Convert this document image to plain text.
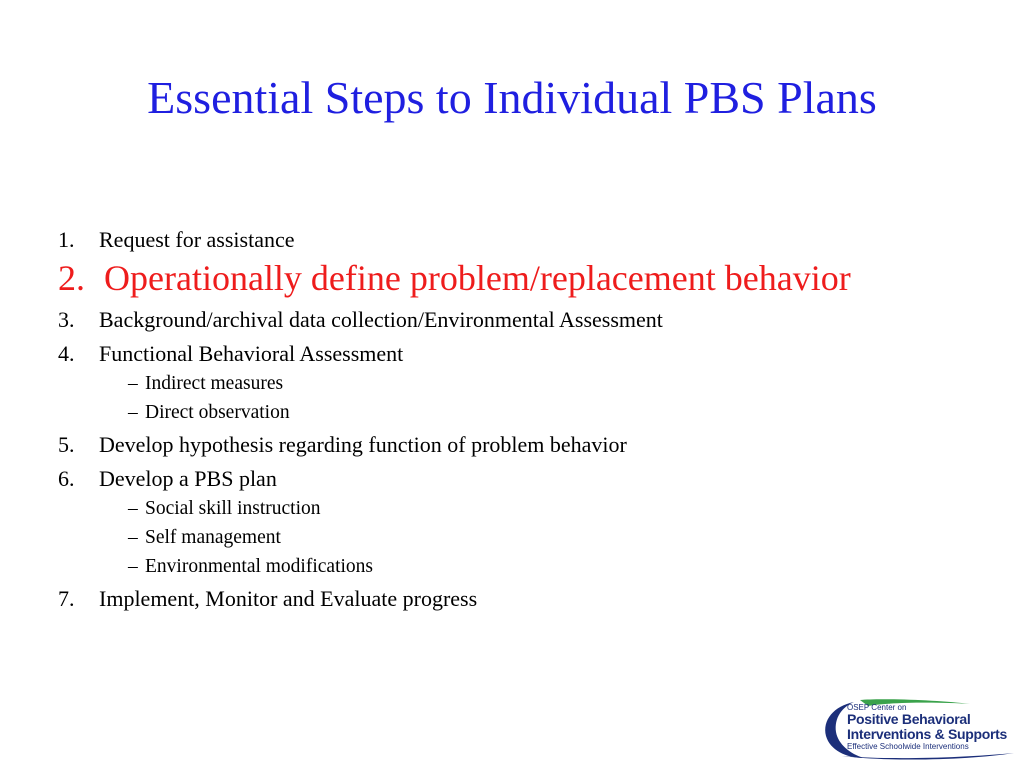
Essential Steps to Individual PBS Plans
1. Request for assistance
2. Operationally define problem/replacement behavior
3. Background/archival data collection/Environmental Assessment
4. Functional Behavioral Assessment
– Indirect measures
– Direct observation
5. Develop hypothesis regarding function of problem behavior
6. Develop a PBS plan
– Social skill instruction
– Self management
– Environmental modifications
7. Implement, Monitor and Evaluate progress
OSEP Center on
Positive Behavioral
Interventions & Supports
Effective Schoolwide Interventions
